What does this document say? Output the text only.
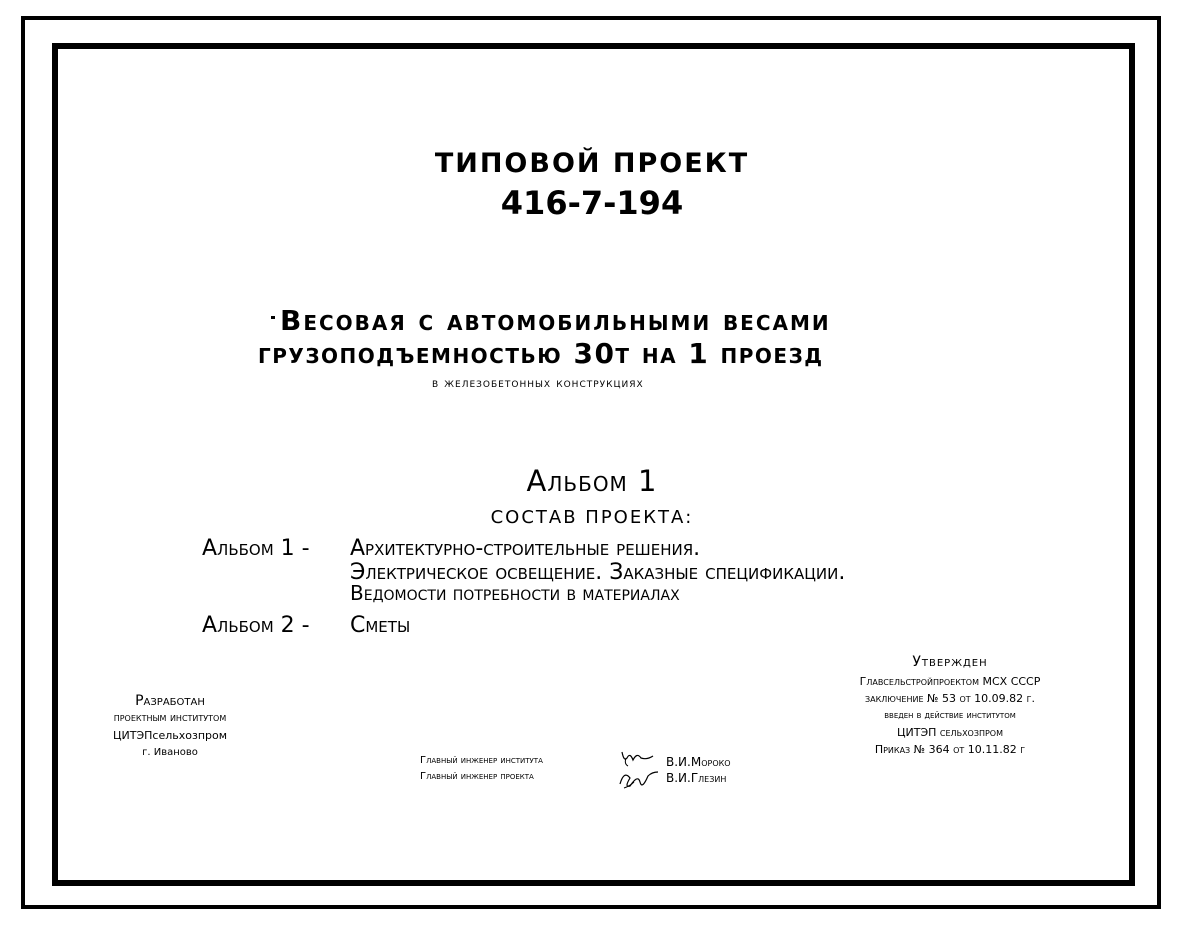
ТИПОВОЙ ПРОЕКТ

416-7-194

Весовая с автомобильными весами

грузоподъемностью 30т на 1 проезд

в железобетонных конструкциях

Альбом 1

СОСТАВ ПРОЕКТА:

Альбом 1 - Архитектурно-строительные решения.

Электрическое освещение. Заказные спецификации.

Ведомости потребности в материалах

Альбом 2 - Сметы

Разработан

проектным институтом

ЦИТЭПсельхозпром

г. Иваново

Главный инженер института

Главный инженер проекта

В.И.Мороко

В.И.Глезин

Утвержден

Главсельстройпроектом МСХ СССР

заключение № 53 от 10.09.82 г.

введен в действие институтом

ЦИТЭП сельхозпром

Приказ № 364 от 10.11.82 г
